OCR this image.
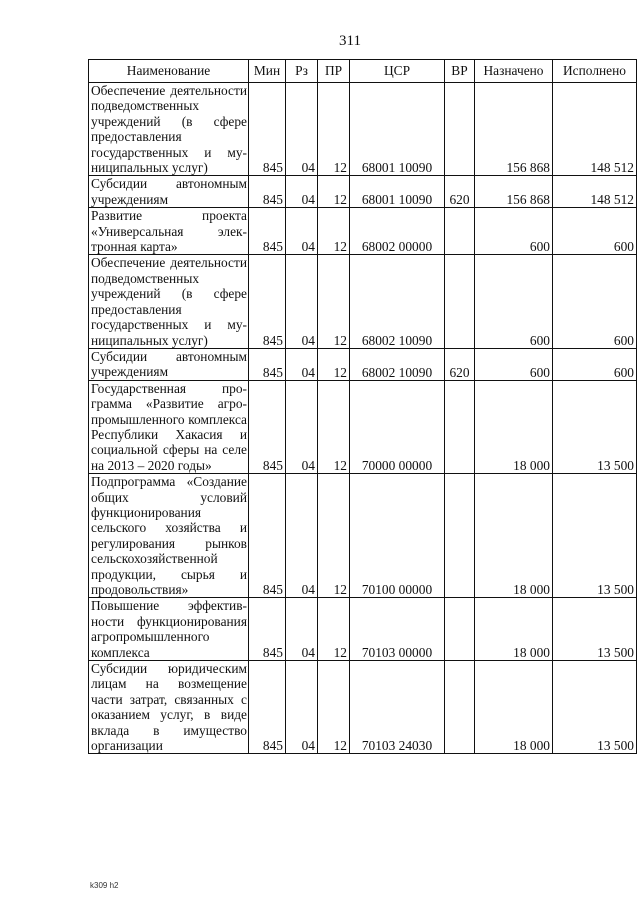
311
Наименование	Мин	Рз	ПР	ЦСР	ВР	Назначено	Исполнено
Обеспечение деятельности подведомственных учреждений (в сфере предоставления государственных и муниципальных услуг)	845	04	12	68001 10090		156 868	148 512
Субсидии автономным учреждениям	845	04	12	68001 10090	620	156 868	148 512
Развитие проекта «Универсальная электронная карта»	845	04	12	68002 00000		600	600
Обеспечение деятельности подведомственных учреждений (в сфере предоставления государственных и муниципальных услуг)	845	04	12	68002 10090		600	600
Субсидии автономным учреждениям	845	04	12	68002 10090	620	600	600
Государственная программа «Развитие агропромышленного комплекса Республики Хакасия и социальной сферы на селе на 2013 – 2020 годы»	845	04	12	70000 00000		18 000	13 500
Подпрограмма «Создание общих условий функционирования сельского хозяйства и регулирования рынков сельскохозяйственной продукции, сырья и продовольствия»	845	04	12	70100 00000		18 000	13 500
Повышение эффективности функционирования агропромышленного комплекса	845	04	12	70103 00000		18 000	13 500
Субсидии юридическим лицам на возмещение части затрат, связанных с оказанием услуг, в виде вклада в имущество организации	845	04	12	70103 24030		18 000	13 500
k309 h2
